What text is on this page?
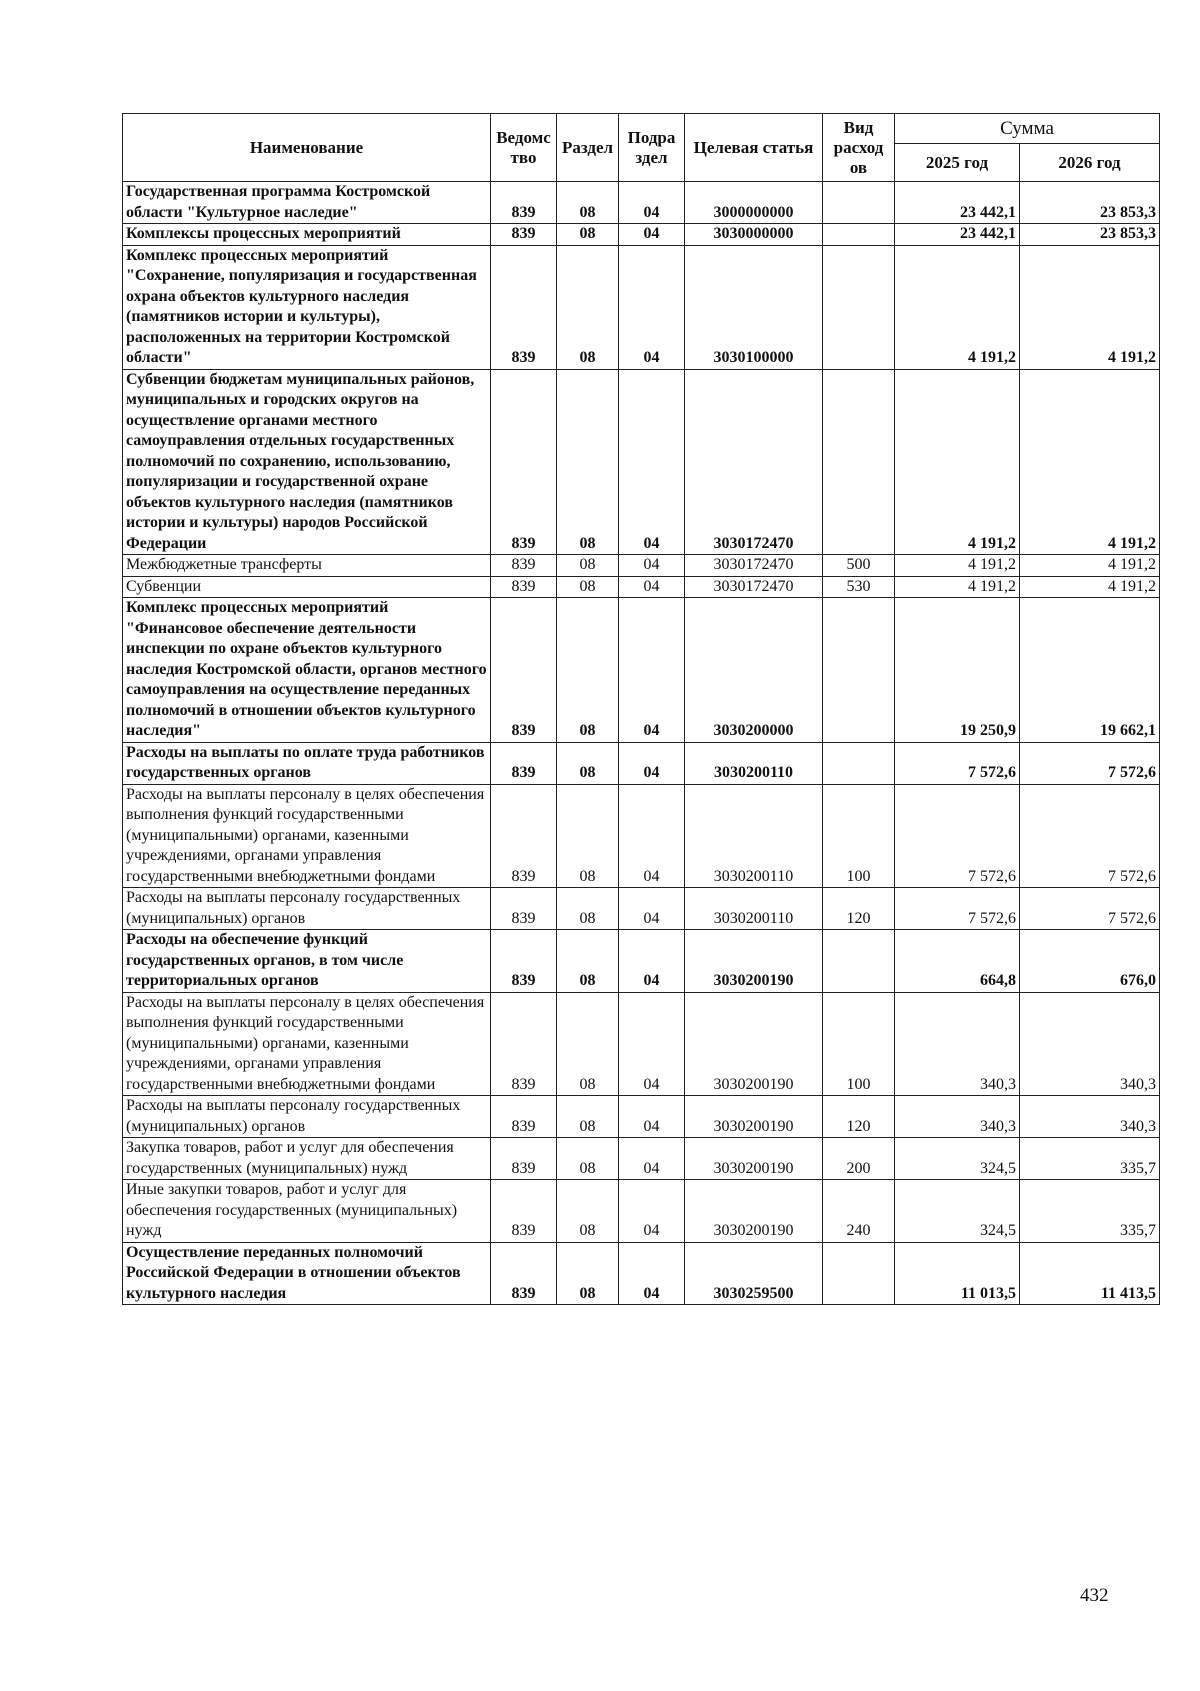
Наименование	Ведомс тво	Раздел	Подра здел	Целевая статья	Вид расход ов	Сумма	
						2025 год	2026 год
Государственная программа Костромской области "Культурное наследие"	839	08	04	3000000000		23 442,1	23 853,3
Комплексы процессных мероприятий	839	08	04	3030000000		23 442,1	23 853,3
Комплекс процессных мероприятий "Сохранение, популяризация и государственная охрана объектов культурного наследия (памятников истории и культуры), расположенных на территории Костромской области"	839	08	04	3030100000		4 191,2	4 191,2
Субвенции бюджетам муниципальных районов, муниципальных и городских округов на осуществление органами местного самоуправления отдельных государственных полномочий по сохранению, использованию, популяризации и государственной охране объектов культурного наследия (памятников истории и культуры) народов Российской Федерации	839	08	04	3030172470		4 191,2	4 191,2
Межбюджетные трансферты	839	08	04	3030172470	500	4 191,2	4 191,2
Субвенции	839	08	04	3030172470	530	4 191,2	4 191,2
Комплекс процессных мероприятий "Финансовое обеспечение деятельности инспекции по охране объектов культурного наследия Костромской области, органов местного самоуправления на осуществление переданных полномочий в отношении объектов культурного наследия"	839	08	04	3030200000		19 250,9	19 662,1
Расходы на выплаты по оплате труда работников государственных органов	839	08	04	3030200110		7 572,6	7 572,6
Расходы на выплаты персоналу в целях обеспечения выполнения функций государственными (муниципальными) органами, казенными учреждениями, органами управления государственными внебюджетными фондами	839	08	04	3030200110	100	7 572,6	7 572,6
Расходы на выплаты персоналу государственных (муниципальных) органов	839	08	04	3030200110	120	7 572,6	7 572,6
Расходы на обеспечение функций государственных органов, в том числе территориальных органов	839	08	04	3030200190		664,8	676,0
Расходы на выплаты персоналу в целях обеспечения выполнения функций государственными (муниципальными) органами, казенными учреждениями, органами управления государственными внебюджетными фондами	839	08	04	3030200190	100	340,3	340,3
Расходы на выплаты персоналу государственных (муниципальных) органов	839	08	04	3030200190	120	340,3	340,3
Закупка товаров, работ и услуг для обеспечения государственных (муниципальных) нужд	839	08	04	3030200190	200	324,5	335,7
Иные закупки товаров, работ и услуг для обеспечения государственных (муниципальных) нужд	839	08	04	3030200190	240	324,5	335,7
Осуществление переданных полномочий Российской Федерации в отношении объектов культурного наследия	839	08	04	3030259500		11 013,5	11 413,5
432
